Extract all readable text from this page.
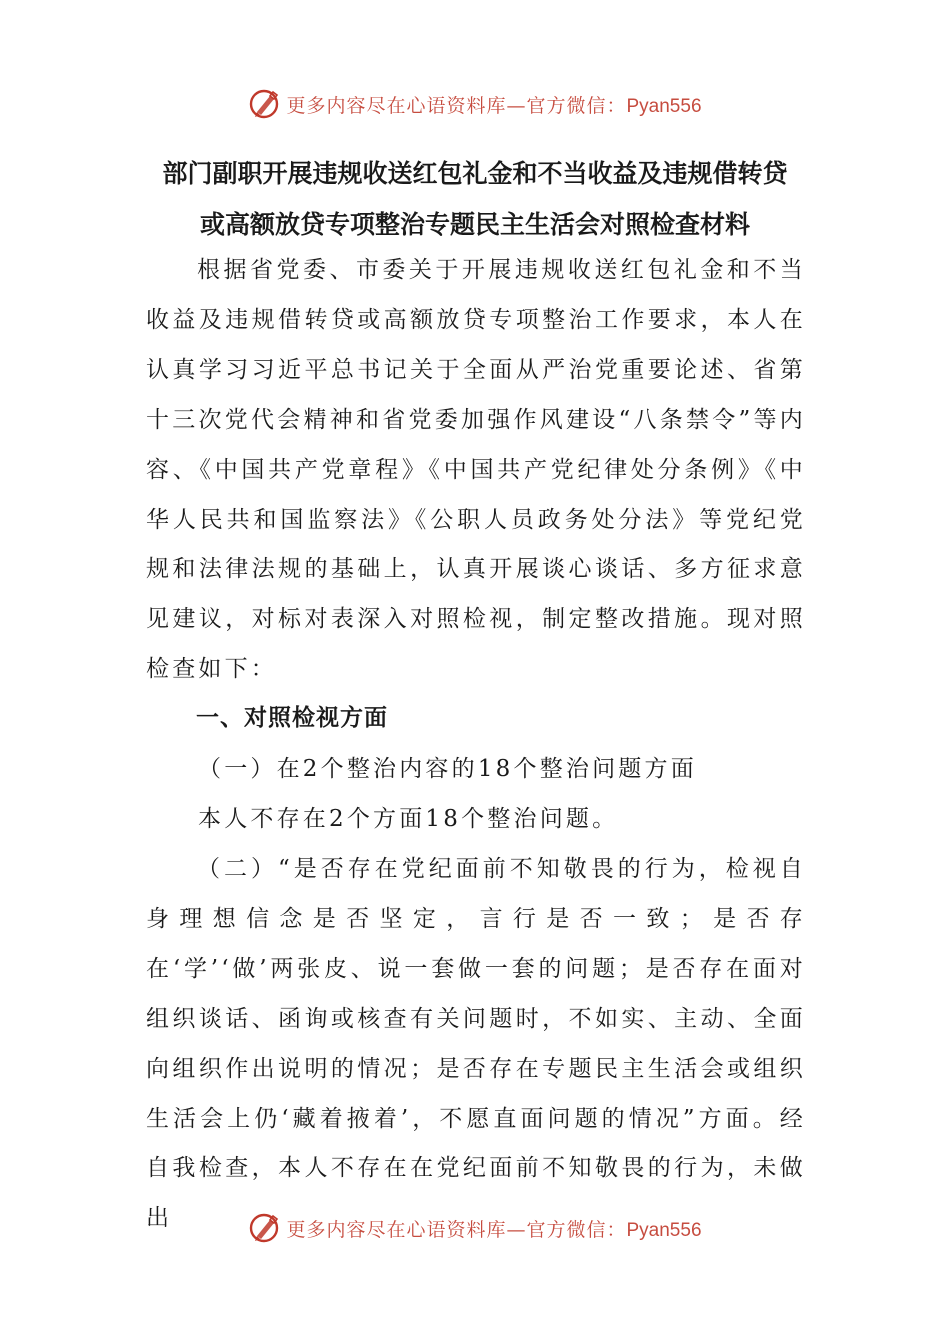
更多内容尽在心语资料库—官方微信：Pyan556
部门副职开展违规收送红包礼金和不当收益及违规借转贷
或高额放贷专项整治专题民主生活会对照检查材料

根据省党委、市委关于开展违规收送红包礼金和不当收益及违规借转贷或高额放贷专项整治工作要求，本人在认真学习习近平总书记关于全面从严治党重要论述、省第十三次党代会精神和省党委加强作风建设“八条禁令”等内容、《中国共产党章程》《中国共产党纪律处分条例》《中华人民共和国监察法》《公职人员政务处分法》等党纪党规和法律法规的基础上，认真开展谈心谈话、多方征求意见建议，对标对表深入对照检视，制定整改措施。现对照检查如下：

一、对照检视方面

（一）在2个整治内容的18个整治问题方面

本人不存在2个方面18个整治问题。

（二）“是否存在党纪面前不知敬畏的行为，检视自身理想信念是否坚定，言行是否一致；是否存在‘学’‘做’两张皮、说一套做一套的问题；是否存在面对组织谈话、函询或核查有关问题时，不如实、主动、全面向组织作出说明的情况；是否存在专题民主生活会或组织生活会上仍‘藏着掖着’，不愿直面问题的情况”方面。经自我检查，本人不存在在党纪面前不知敬畏的行为，未做出	更多内容尽在心语资料库—官方微信：Pyan556
